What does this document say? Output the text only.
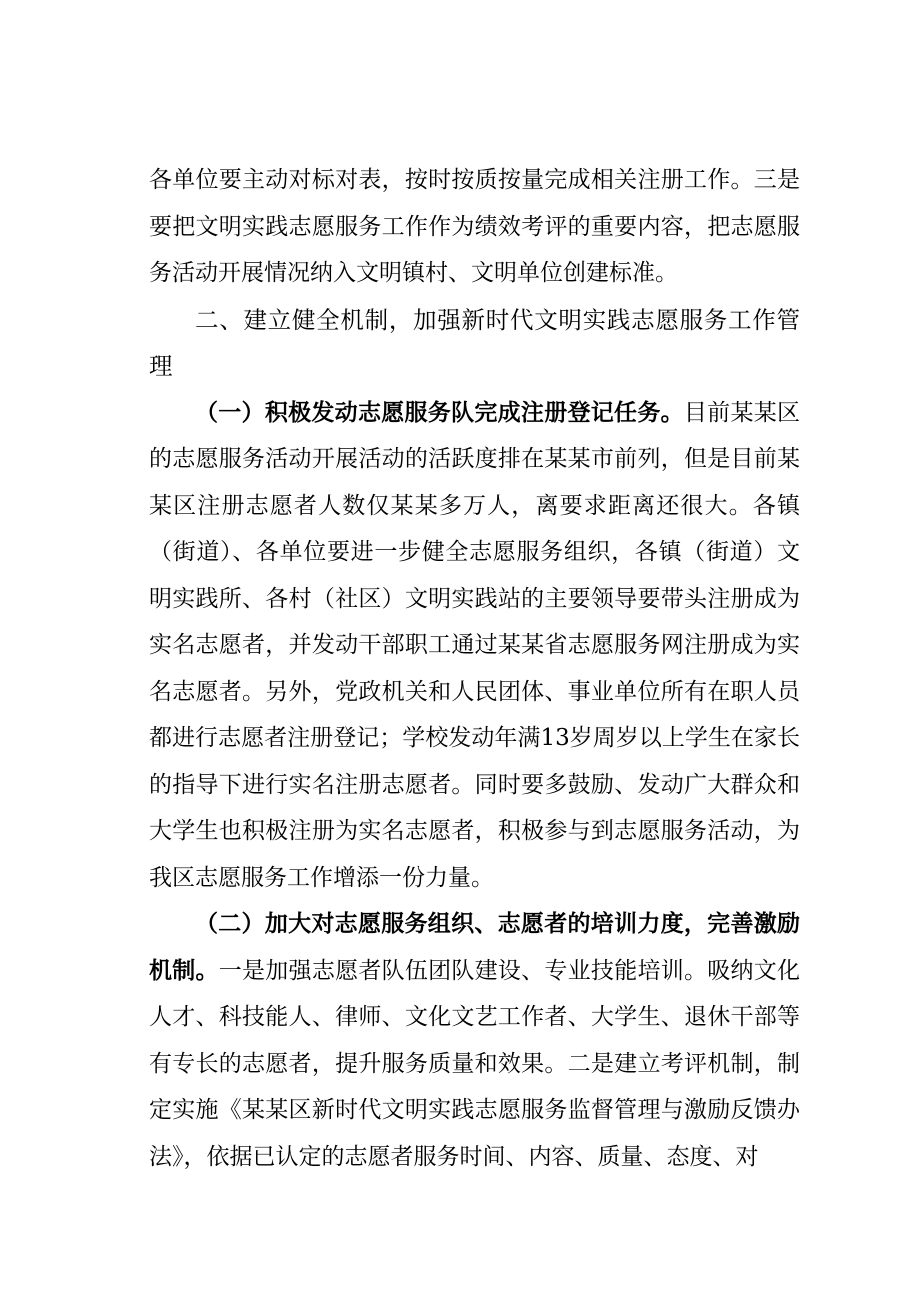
各单位要主动对标对表，按时按质按量完成相关注册工作。三是要把文明实践志愿服务工作作为绩效考评的重要内容，把志愿服务活动开展情况纳入文明镇村、文明单位创建标准。

二、建立健全机制，加强新时代文明实践志愿服务工作管理

（一）积极发动志愿服务队完成注册登记任务。目前某某区的志愿服务活动开展活动的活跃度排在某某市前列，但是目前某某区注册志愿者人数仅某某多万人，离要求距离还很大。各镇（街道）、各单位要进一步健全志愿服务组织，各镇（街道）文明实践所、各村（社区）文明实践站的主要领导要带头注册成为实名志愿者，并发动干部职工通过某某省志愿服务网注册成为实名志愿者。另外，党政机关和人民团体、事业单位所有在职人员都进行志愿者注册登记；学校发动年满13岁周岁以上学生在家长的指导下进行实名注册志愿者。同时要多鼓励、发动广大群众和大学生也积极注册为实名志愿者，积极参与到志愿服务活动，为我区志愿服务工作增添一份力量。

（二）加大对志愿服务组织、志愿者的培训力度，完善激励机制。一是加强志愿者队伍团队建设、专业技能培训。吸纳文化人才、科技能人、律师、文化文艺工作者、大学生、退休干部等有专长的志愿者，提升服务质量和效果。二是建立考评机制，制定实施《某某区新时代文明实践志愿服务监督管理与激励反馈办法》，依据已认定的志愿者服务时间、内容、质量、态度、对
